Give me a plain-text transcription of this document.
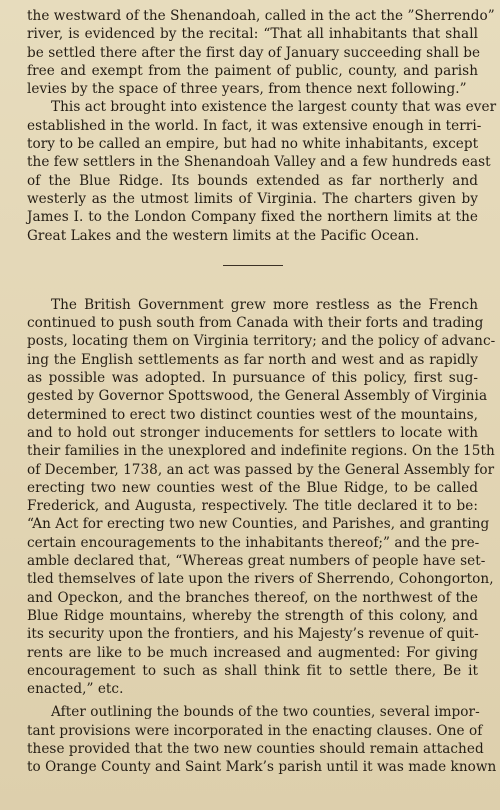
the westward of the Shenandoah, called in the act the ”Sherrendo”
river, is evidenced by the recital: “That all inhabitants that shall
be settled there after the first day of January succeeding shall be
free and exempt from the paiment of public, county, and parish
levies by the space of three years, from thence next following.”

This act brought into existence the largest county that was ever
established in the world. In fact, it was extensive enough in terri-
tory to be called an empire, but had no white inhabitants, except
the few settlers in the Shenandoah Valley and a few hundreds east
of the Blue Ridge. Its bounds extended as far northerly and
westerly as the utmost limits of Virginia. The charters given by
James I. to the London Company fixed the northern limits at the
Great Lakes and the western limits at the Pacific Ocean.

The British Government grew more restless as the French
continued to push south from Canada with their forts and trading
posts, locating them on Virginia territory; and the policy of advanc-
ing the English settlements as far north and west and as rapidly
as possible was adopted. In pursuance of this policy, first sug-
gested by Governor Spottswood, the General Assembly of Virginia
determined to erect two distinct counties west of the mountains,
and to hold out stronger inducements for settlers to locate with
their families in the unexplored and indefinite regions. On the 15th
of December, 1738, an act was passed by the General Assembly for
erecting two new counties west of the Blue Ridge, to be called
Frederick, and Augusta, respectively. The title declared it to be:
“An Act for erecting two new Counties, and Parishes, and granting
certain encouragements to the inhabitants thereof;” and the pre-
amble declared that, “Whereas great numbers of people have set-
tled themselves of late upon the rivers of Sherrendo, Cohongorton,
and Opeckon, and the branches thereof, on the northwest of the
Blue Ridge mountains, whereby the strength of this colony, and
its security upon the frontiers, and his Majesty’s revenue of quit-
rents are like to be much increased and augmented: For giving
encouragement to such as shall think fit to settle there, Be it
enacted,” etc.

After outlining the bounds of the two counties, several impor-
tant provisions were incorporated in the enacting clauses. One of
these provided that the two new counties should remain attached
to Orange County and Saint Mark’s parish until it was made known
